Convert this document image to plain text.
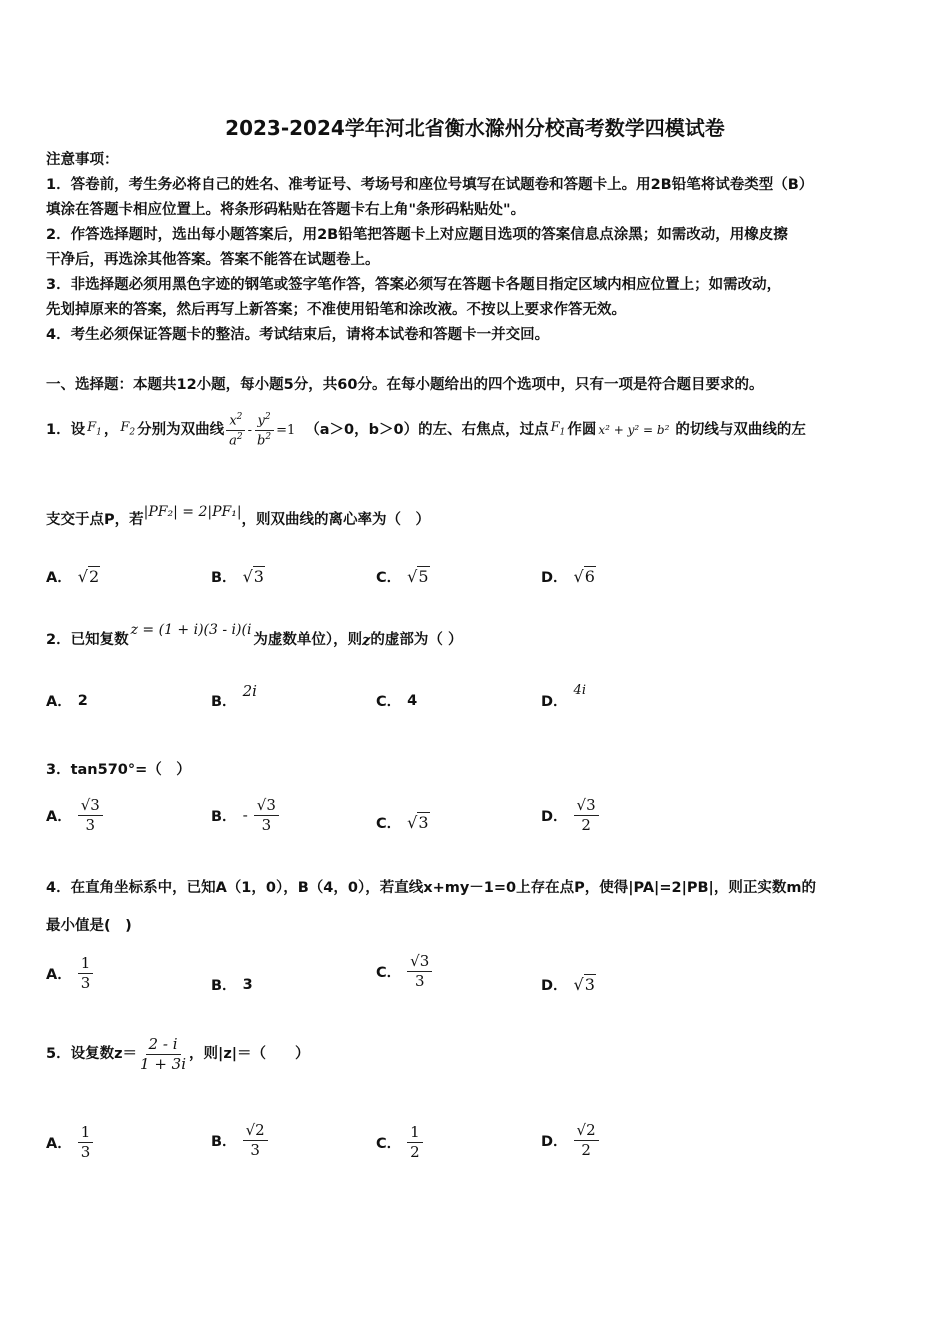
2023-2024学年河北省衡水滁州分校高考数学四模试卷
注意事项：
1．答卷前，考生务必将自己的姓名、准考证号、考场号和座位号填写在试题卷和答题卡上。用2B铅笔将试卷类型（B）
填涂在答题卡相应位置上。将条形码粘贴在答题卡右上角"条形码粘贴处"。
2．作答选择题时，选出每小题答案后，用2B铅笔把答题卡上对应题目选项的答案信息点涂黑；如需改动，用橡皮擦
干净后，再选涂其他答案。答案不能答在试题卷上。
3．非选择题必须用黑色字迹的钢笔或签字笔作答，答案必须写在答题卡各题目指定区域内相应位置上；如需改动，
先划掉原来的答案，然后再写上新答案；不准使用铅笔和涂改液。不按以上要求作答无效。
4．考生必须保证答题卡的整洁。考试结束后，请将本试卷和答题卡一并交回。
一、选择题：本题共12小题，每小题5分，共60分。在每小题给出的四个选项中，只有一项是符合题目要求的。
1．设 $F_1$ ， $F_2$ 分别为双曲线 $\frac{x^2}{a^2} - \frac{y^2}{b^2} =1$ （a＞0，b＞0）的左、右焦点，过点 $F_1$ 作圆 x² + y² = b² 的切线与双曲线的左
支交于点P，若 |PF₂| = 2|PF₁| ，则双曲线的离心率为（　）
A． √2	B． √3	C． √5	D． √6
2．已知复数
z = (1 + i)(3 - i)(i
为虚数单位），则 z 的虚部为（ ）
A． 2	B．
2i
C． 4	D．
4i
3．tan570°=（　）
A． $\frac{√3}{3}$	B． - $\frac{√3}{3}$	C． √3	D． $\frac{√3}{2}$
4．在直角坐标系中，已知A（1，0），B（4，0），若直线x+my－1=0上存在点P，使得|PA|=2|PB|，则正实数m的
最小值是(　)
A． $\frac{1}{3}$	B． 3
C． $\frac{√3}{3}$	D． √3
5．设复数$z= \frac{2 - i}{1 + 3i}$ ，则|z|＝（　　）
A． $\frac{1}{3}$	B． $\frac{√2}{3}$	C． $\frac{1}{2}$	D． $\frac{√2}{2}$
